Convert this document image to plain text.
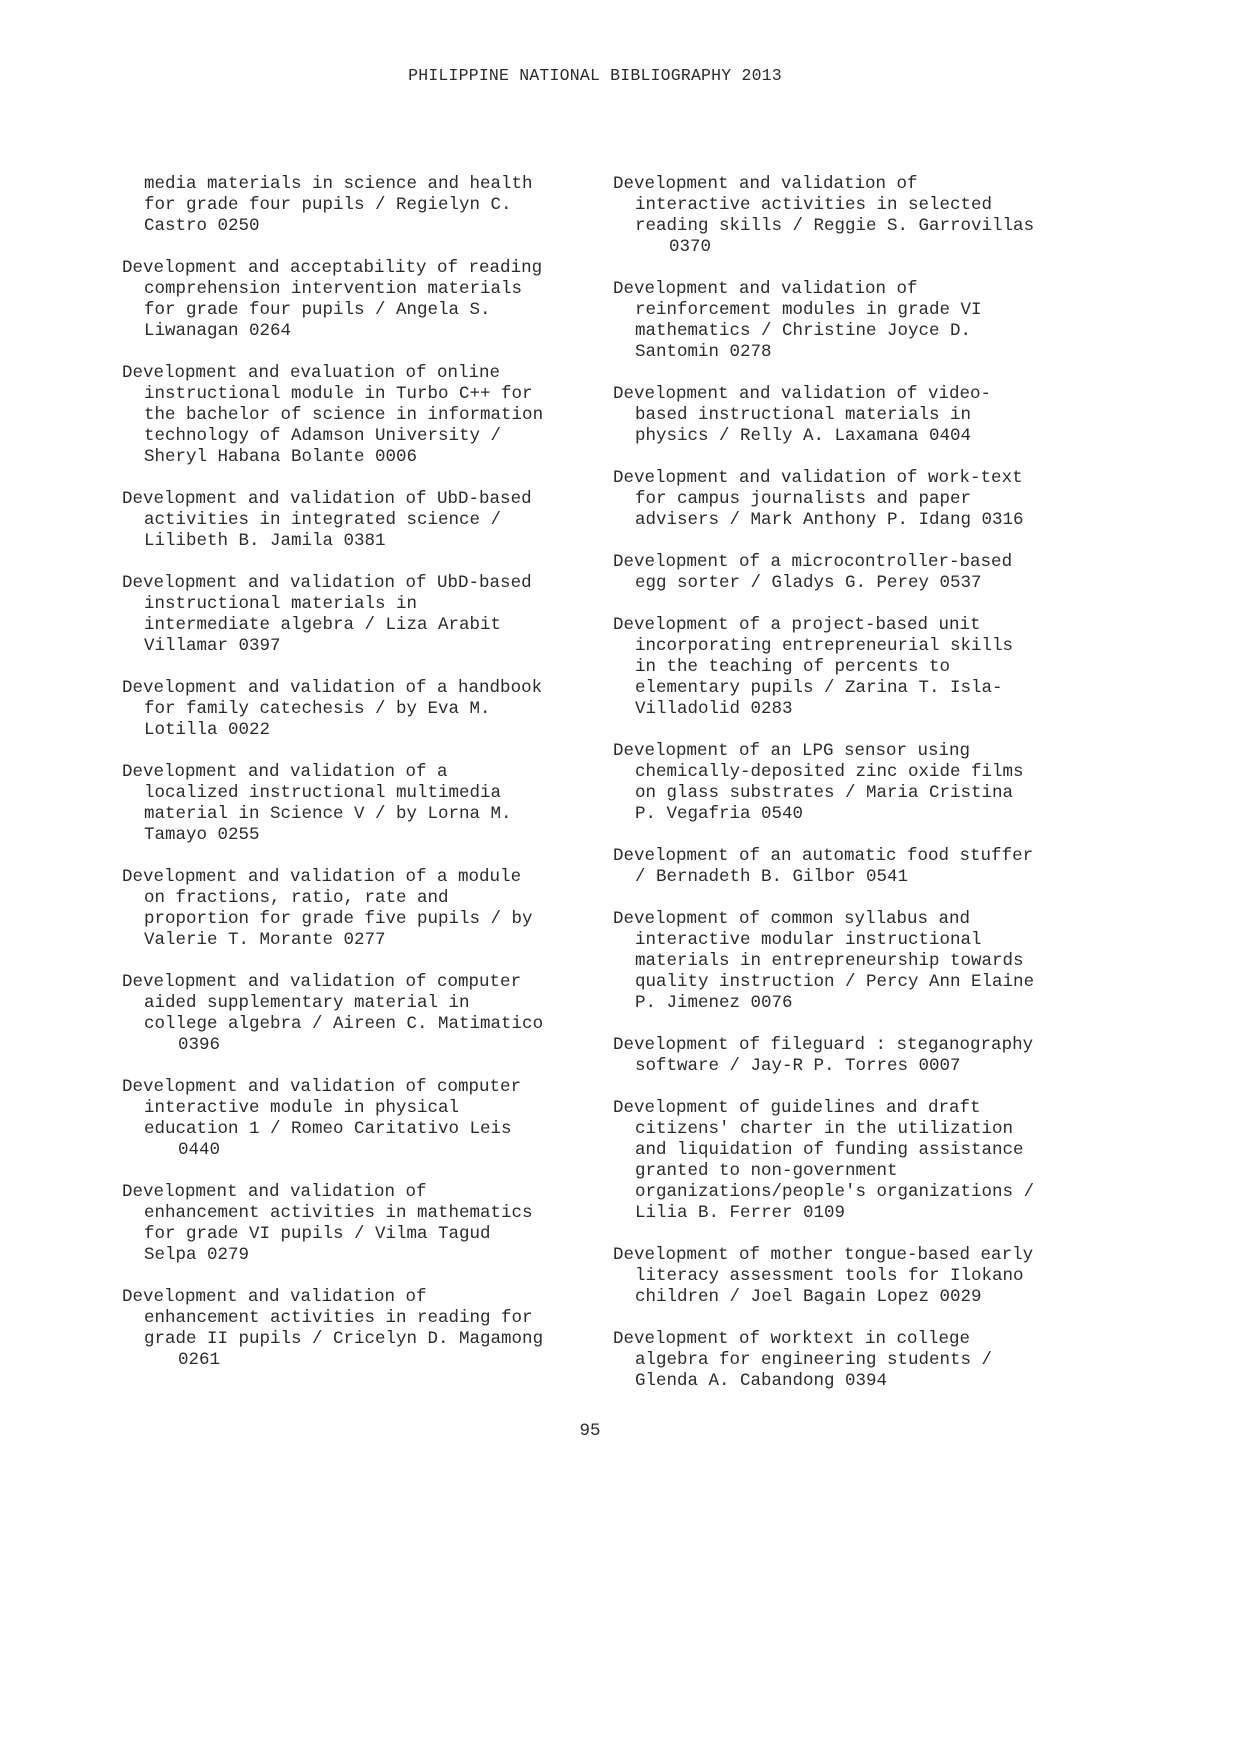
PHILIPPINE NATIONAL BIBLIOGRAPHY 2013
media materials in science and health
for grade four pupils / Regielyn C.
Castro 0250
Development and acceptability of reading
comprehension intervention materials
for grade four pupils / Angela S.
Liwanagan 0264
Development and evaluation of online
instructional module in Turbo C++ for
the bachelor of science in information
technology of Adamson University /
Sheryl Habana Bolante 0006
Development and validation of UbD-based
activities in integrated science /
Lilibeth B. Jamila 0381
Development and validation of UbD-based
instructional materials in
intermediate algebra / Liza Arabit
Villamar 0397
Development and validation of a handbook
for family catechesis / by Eva M.
Lotilla 0022
Development and validation of a
localized instructional multimedia
material in Science V / by Lorna M.
Tamayo 0255
Development and validation of a module
on fractions, ratio, rate and
proportion for grade five pupils / by
Valerie T. Morante 0277
Development and validation of computer
aided supplementary material in
college algebra / Aireen C. Matimatico
0396
Development and validation of computer
interactive module in physical
education 1 / Romeo Caritativo Leis
0440
Development and validation of
enhancement activities in mathematics
for grade VI pupils / Vilma Tagud
Selpa 0279
Development and validation of
enhancement activities in reading for
grade II pupils / Cricelyn D. Magamong
0261
Development and validation of
interactive activities in selected
reading skills / Reggie S. Garrovillas
0370
Development and validation of
reinforcement modules in grade VI
mathematics / Christine Joyce D.
Santomin 0278
Development and validation of video-
based instructional materials in
physics / Relly A. Laxamana 0404
Development and validation of work-text
for campus journalists and paper
advisers / Mark Anthony P. Idang 0316
Development of a microcontroller-based
egg sorter / Gladys G. Perey 0537
Development of a project-based unit
incorporating entrepreneurial skills
in the teaching of percents to
elementary pupils / Zarina T. Isla-
Villadolid 0283
Development of an LPG sensor using
chemically-deposited zinc oxide films
on glass substrates / Maria Cristina
P. Vegafria 0540
Development of an automatic food stuffer
/ Bernadeth B. Gilbor 0541
Development of common syllabus and
interactive modular instructional
materials in entrepreneurship towards
quality instruction / Percy Ann Elaine
P. Jimenez 0076
Development of fileguard : steganography
software / Jay-R P. Torres 0007
Development of guidelines and draft
citizens' charter in the utilization
and liquidation of funding assistance
granted to non-government
organizations/people's organizations /
Lilia B. Ferrer 0109
Development of mother tongue-based early
literacy assessment tools for Ilokano
children / Joel Bagain Lopez 0029
Development of worktext in college
algebra for engineering students /
Glenda A. Cabandong 0394
95
